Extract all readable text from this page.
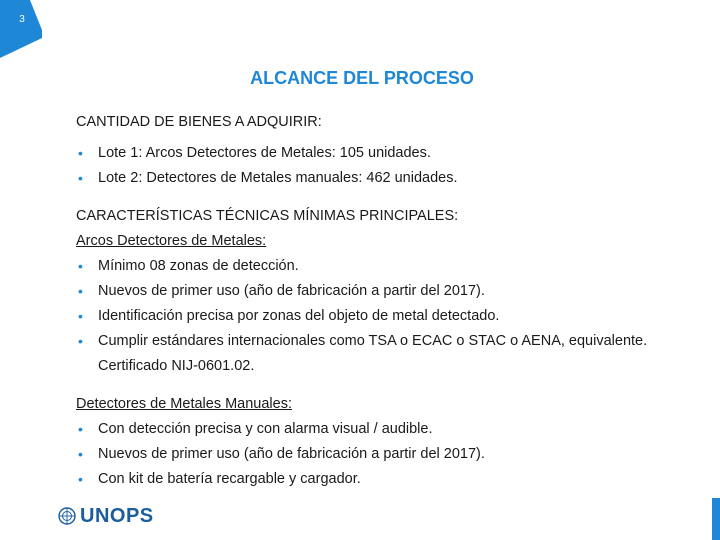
3
ALCANCE DEL PROCESO

CANTIDAD DE BIENES A ADQUIRIR:

• Lote 1: Arcos Detectores de Metales: 105 unidades.
• Lote 2: Detectores de Metales manuales: 462 unidades.

CARACTERÍSTICAS TÉCNICAS MÍNIMAS PRINCIPALES:

Arcos Detectores de Metales:

• Mínimo 08 zonas de detección.
• Nuevos de primer uso (año de fabricación a partir del 2017).
• Identificación precisa por zonas del objeto de metal detectado.
• Cumplir estándares internacionales como TSA o ECAC o STAC o AENA, equivalente. Certificado NIJ-0601.02.

Detectores de Metales Manuales:

• Con detección precisa y con alarma visual / audible.
• Nuevos de primer uso (año de fabricación a partir del 2017).
• Con kit de batería recargable y cargador.
UNOPS
